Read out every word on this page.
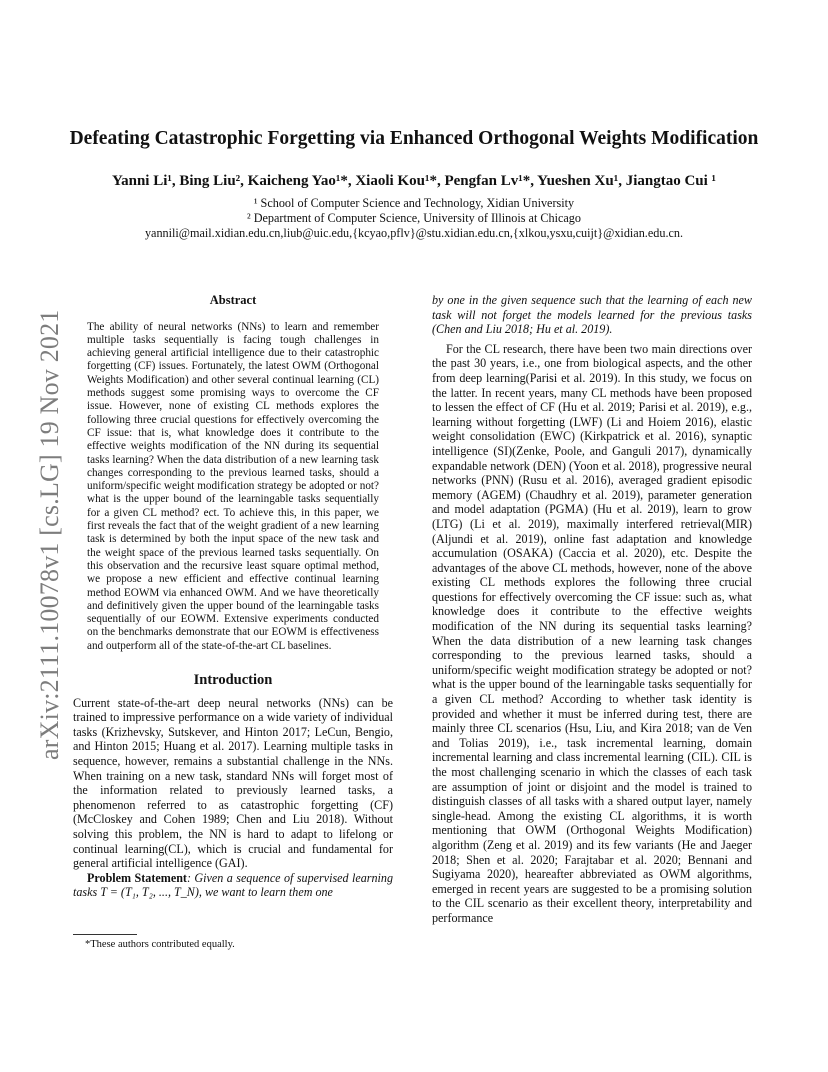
arXiv:2111.10078v1 [cs.LG] 19 Nov 2021
Defeating Catastrophic Forgetting via Enhanced Orthogonal Weights Modification
Yanni Li¹, Bing Liu², Kaicheng Yao¹*, Xiaoli Kou¹*, Pengfan Lv¹*, Yueshen Xu¹, Jiangtao Cui ¹
¹ School of Computer Science and Technology, Xidian University
² Department of Computer Science, University of Illinois at Chicago
yannili@mail.xidian.edu.cn,liub@uic.edu,{kcyao,pflv}@stu.xidian.edu.cn,{xlkou,ysxu,cuijt}@xidian.edu.cn.
Abstract

The ability of neural networks (NNs) to learn and remember multiple tasks sequentially is facing tough challenges in achieving general artificial intelligence due to their catastrophic forgetting (CF) issues. Fortunately, the latest OWM (Orthogonal Weights Modification) and other several continual learning (CL) methods suggest some promising ways to overcome the CF issue. However, none of existing CL methods explores the following three crucial questions for effectively overcoming the CF issue: that is, what knowledge does it contribute to the effective weights modification of the NN during its sequential tasks learning? When the data distribution of a new learning task changes corresponding to the previous learned tasks, should a uniform/specific weight modification strategy be adopted or not? what is the upper bound of the learningable tasks sequentially for a given CL method? ect. To achieve this, in this paper, we first reveals the fact that of the weight gradient of a new learning task is determined by both the input space of the new task and the weight space of the previous learned tasks sequentially. On this observation and the recursive least square optimal method, we propose a new efficient and effective continual learning method EOWM via enhanced OWM. And we have theoretically and definitively given the upper bound of the learningable tasks sequentially of our EOWM. Extensive experiments conducted on the benchmarks demonstrate that our EOWM is effectiveness and outperform all of the state-of-the-art CL baselines.

Introduction

Current state-of-the-art deep neural networks (NNs) can be trained to impressive performance on a wide variety of individual tasks (Krizhevsky, Sutskever, and Hinton 2017; LeCun, Bengio, and Hinton 2015; Huang et al. 2017). Learning multiple tasks in sequence, however, remains a substantial challenge in the NNs. When training on a new task, standard NNs will forget most of the information related to previously learned tasks, a phenomenon referred to as catastrophic forgetting (CF) (McCloskey and Cohen 1989; Chen and Liu 2018). Without solving this problem, the NN is hard to adapt to lifelong or continual learning(CL), which is crucial and fundamental for general artificial intelligence (GAI).

Problem Statement: Given a sequence of supervised learning tasks T = (T₁, T₂, ..., T_N), we want to learn them one

by one in the given sequence such that the learning of each new task will not forget the models learned for the previous tasks (Chen and Liu 2018; Hu et al. 2019).

For the CL research, there have been two main directions over the past 30 years, i.e., one from biological aspects, and the other from deep learning(Parisi et al. 2019). In this study, we focus on the latter. In recent years, many CL methods have been proposed to lessen the effect of CF (Hu et al. 2019; Parisi et al. 2019), e.g., learning without forgetting (LWF) (Li and Hoiem 2016), elastic weight consolidation (EWC) (Kirkpatrick et al. 2016), synaptic intelligence (SI)(Zenke, Poole, and Ganguli 2017), dynamically expandable network (DEN) (Yoon et al. 2018), progressive neural networks (PNN) (Rusu et al. 2016), averaged gradient episodic memory (AGEM) (Chaudhry et al. 2019), parameter generation and model adaptation (PGMA) (Hu et al. 2019), learn to grow (LTG) (Li et al. 2019), maximally interfered retrieval(MIR) (Aljundi et al. 2019), online fast adaptation and knowledge accumulation (OSAKA) (Caccia et al. 2020), etc. Despite the advantages of the above CL methods, however, none of the above existing CL methods explores the following three crucial questions for effectively overcoming the CF issue: such as, what knowledge does it contribute to the effective weights modification of the NN during its sequential tasks learning? When the data distribution of a new learning task changes corresponding to the previous learned tasks, should a uniform/specific weight modification strategy be adopted or not? what is the upper bound of the learningable tasks sequentially for a given CL method? According to whether task identity is provided and whether it must be inferred during test, there are mainly three CL scenarios (Hsu, Liu, and Kira 2018; van de Ven and Tolias 2019), i.e., task incremental learning, domain incremental learning and class incremental learning (CIL). CIL is the most challenging scenario in which the classes of each task are assumption of joint or disjoint and the model is trained to distinguish classes of all tasks with a shared output layer, namely single-head. Among the existing CL algorithms, it is worth mentioning that OWM (Orthogonal Weights Modification) algorithm (Zeng et al. 2019) and its few variants (He and Jaeger 2018; Shen et al. 2020; Farajtabar et al. 2020; Bennani and Sugiyama 2020), heareafter abbreviated as OWM algorithms, emerged in recent years are suggested to be a promising solution to the CIL scenario as their excellent theory, interpretability and performance

*These authors contributed equally.
